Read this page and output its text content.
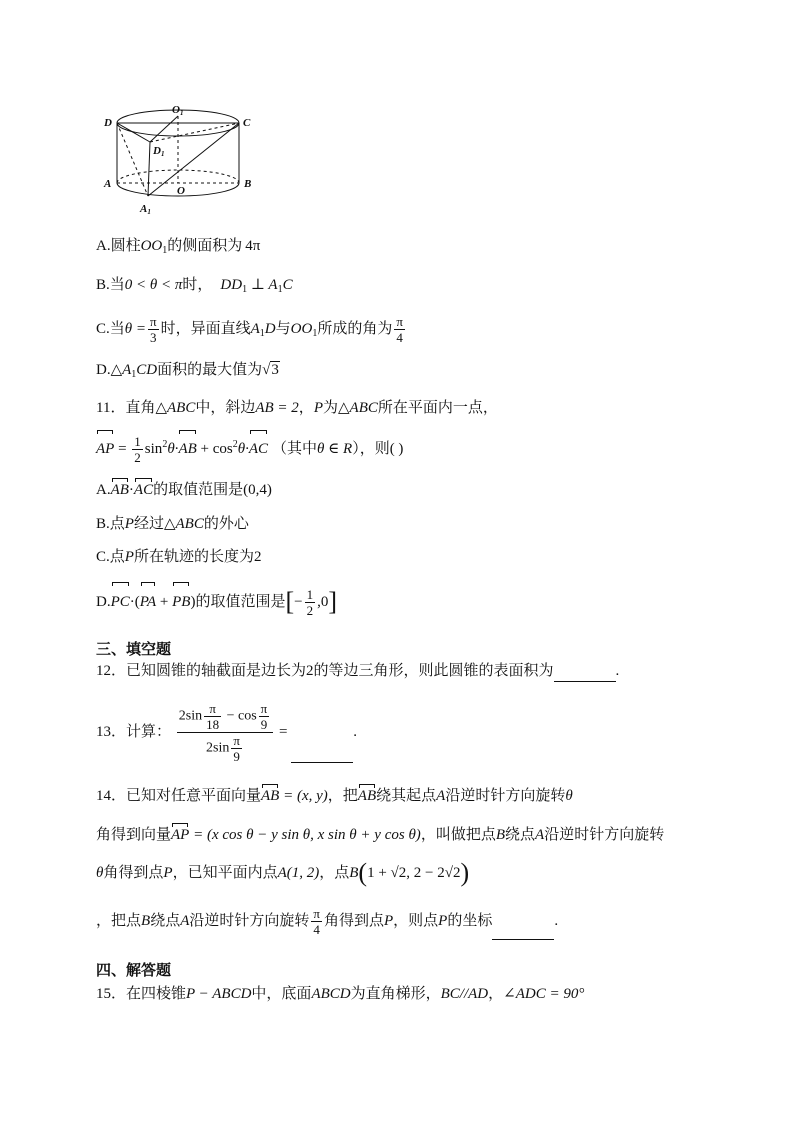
D
O1
C
D1
A
O
B
A1
A.圆柱$OO_1$的侧面积为 4π
B.当0 < θ < π时， $DD_1$ ⊥ $A_1C$
C.当$\theta = \frac{\pi}{3}$ 时，异面直线$A_1D$与$OO_1$所成的角为 $\frac{\pi}{4}$
$D.\triangle A_1CD$面积的最大值为√3
11．直角△ABC中，斜边AB = 2，P为△ABC所在平面内一点，
AP = $\frac{1}{2} \sin^2\theta\cdot AB + \cos^2\theta\cdot AC$ （其中θ ∈ R），则( )
A.AB·AC的取值范围是(0,4)
B.点P经过△ABC的外心
C.点P所在轨迹的长度为2
D.PC·(PA + PB)的取值范围是[− $\frac{1}{2} ,0$]
三、填空题
12．已知圆锥的轴截面是边长为2的等边三角形，则此圆锥的表面积为	.
13．计算： $\frac{2\sin \frac{\pi}{18} - \cos \frac{\pi}{9}}{2\sin \frac{\pi}{9}}$ =	.
14．已知对任意平面向量AB = (x, y)，把AB绕其起点A沿逆时针方向旋转θ
角得到向量AP = (x cos θ − y sin θ, x sin θ + y cos θ)，叫做把点B绕点A沿逆时针方向旋转
θ角得到点P，已知平面内点A(1, 2)，点B(1 + √2, 2 − 2√2)
，把点B绕点A沿逆时针方向旋转 $\frac{\pi}{4}$ 角得到点P，则点P的坐标	.
四、解答题
15．在四棱锥P − ABCD中，底面ABCD为直角梯形，BC//AD，∠ADC = 90°
